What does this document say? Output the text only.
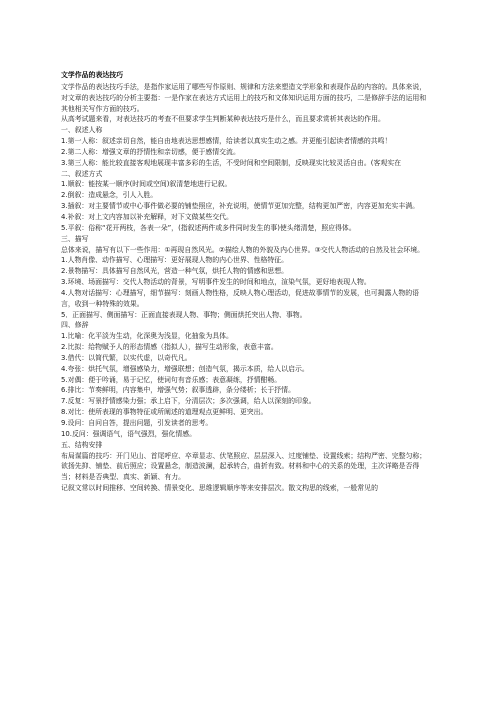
文学作品的表达技巧
文学作品的表达技巧手法，是指作家运用了哪些写作原则、规律和方法来塑造文学形象和表现作品的内容的。具体来说，对文章的表达技巧的分析主要指：一是作家在表达方式运用上的技巧和文体知识运用方面的技巧，二是修辞手法的运用和其他相关写作方面的技巧。
从高考试题来看，对表达技巧的考查不但要求学生判断某种表达技巧是什么，而且要求赏析其表达的作用。
一、叙述人称
1.第一人称：叙述亲切自然，能自由地表达思想感情，给读者以真实生动之感。并更能引起读者情感的共鸣！
2.第二人称：增强文章的抒情性和亲切感，便于感情交流。
3.第三人称：能比较直接客观地展现丰富多彩的生活，不受时间和空间限制，反映现实比较灵活自由。(客观实在
二、叙述方式
1.顺叙：能按某一顺序(时间或空间)叙清楚地进行记叙。
2.倒叙：造成悬念，引人入胜。
3.插叙：对主要情节或中心事件做必要的铺垫照应，补充说明，使情节更加完整，结构更加严密，内容更加充实丰满。
4.补叙：对上文内容加以补充解释，对下文做某些交代。
5.平叙：俗称“花开两枝，各表一朵”，(指叙述两件或多件同时发生的事)使头绪清楚，照应得体。
三、描写
总体来说，描写有以下一些作用：①再现自然风光。②描绘人物的外貌及内心世界。③交代人物活动的自然及社会环境。
1.人物肖像、动作描写、心理描写：更好展现人物的内心世界、性格特征。
2.景物描写：具体描写自然风光，营造一种气氛，烘托人物的情感和思想。
3.环境、场面描写：交代人物活动的背景，写明事件发生的时间和地点，渲染气氛，更好地表现人物。
4.人物对话描写：心理描写，细节描写：刻画人物性格，反映人物心理活动，促进故事情节的发展，也可揭露人物的语言，收到一种特殊的效果。
5．正面描写、侧面描写：正面直接表现人物、事物；侧面烘托突出人物、事物。
四、修辞
1.比喻：化平淡为生动，化深奥为浅显，化抽象为具体。
2.比拟：给物赋予人的形态情感（指拟人），描写生动形象，表意丰富。
3.借代：以简代繁，以实代虚，以奇代凡。
4.夸张：烘托气氛，增强感染力，增强联想；创造气氛，揭示本质，给人以启示。
5.对偶：便于吟诵，易于记忆，使词句有音乐感；表意凝练，抒情酣畅。
6.排比：节奏鲜明，内容集中，增强气势；叙事透辟，条分缕析；长于抒情。
7.反复：写景抒情感染力强；承上启下，分清层次；多次强调，给人以深刻的印象。
8.对比：使所表现的事物特征或所阐述的道理观点更鲜明、更突出。
9.设问：自问自答，提出问题，引发读者的思考。
10.反问：强调语气，语气强烈，强化情感。
五、结构安排
布局谋篇的技巧：开门见山、首尾呼应、卒章显志、伏笔照应、层层深入、过度铺垫、设置线索；结构严密、完整匀称；欲扬先抑、铺垫、前后照应；设置悬念，制造波澜，起承转合，曲折有致。材料和中心的关系的处理，主次详略是否得当；材料是否典型、真实、新颖、有力。
记叙文常以时间推移、空间转换、情景变化、思维逻辑顺序等来安排层次。散文构思的线索，一般常见的
